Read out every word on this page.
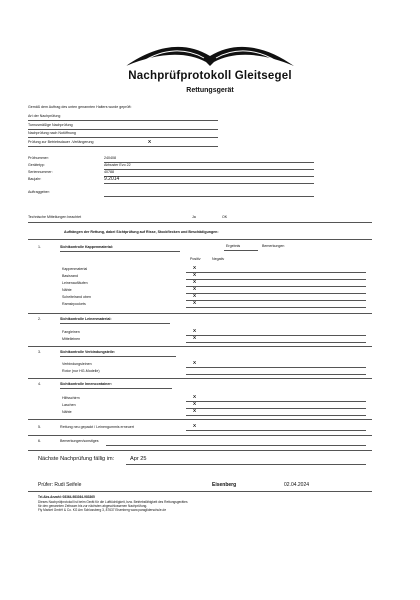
Nachprüfprotokoll Gleitsegel
Rettungsgerät
Gemäß dem Auftrag des unten genannten Halters wurde geprüft:
Art der Nachprüfung
Turnusmäßige Nachprüfung
Nachprüfung nach Notöffnung
Prüfung zur Betriebsdauer -Verlängerung	X
Prüfnummer:	240408
Gerätetyp:	Airbuster Evo 22
Seriennummer:	40788
Baujahr:	9.2014
Auftraggeber:
Technische Mitteilungen beachtet	Ja	OK
Aufhängen der Rettung, dabei Sichtprüfung auf Risse, Stockflecken und Beschädigungen:
1.	Sichtkontrolle Kappenmaterial:	Ergebnis	Bemerkungen
Positiv	Negativ
Kappenmaterial	X
Basisrand	X
Leinenaufläufen	X
Nähte	X
Scheitelrand oben	X
Ramsirpockets	X
2.	Sichtkontrolle Leinenmaterial:
Fangleinen	X
Mittelleinen	X
3.	Sichtkontrolle Verbindungsteile:
Verbindungsleinen	X
Rotor (nur HG-Modelle)
4.	Sichtkontrolle Innencontainer:
Hilfsschirm	X
Laschen	X
Nähte	X
5.	Rettung neu gepackt / Leinengummis erneuert	X
6.	Bemerkungen/sonstiges
Nächste Nachprüfung fällig im:	Apr 25
Prüfer: Rudi Seifele	Eisenberg	02.04.2024
Tel.Abs.Anzahl: 08364-983364-983365
Dieses Nachprüfprotokoll ist beim Gerät für die Lufttüchtigkeit, bzw. Betriebsfähigkeit des Rettungsgerätes
für den genannten Zeitraum bis zur nächsten abgeschlossenen Nachprüfung.
Fly Market GmbH & Co. KG Am Schlossberg 3, 87637 Eisenberg www.paragliderschule.de
